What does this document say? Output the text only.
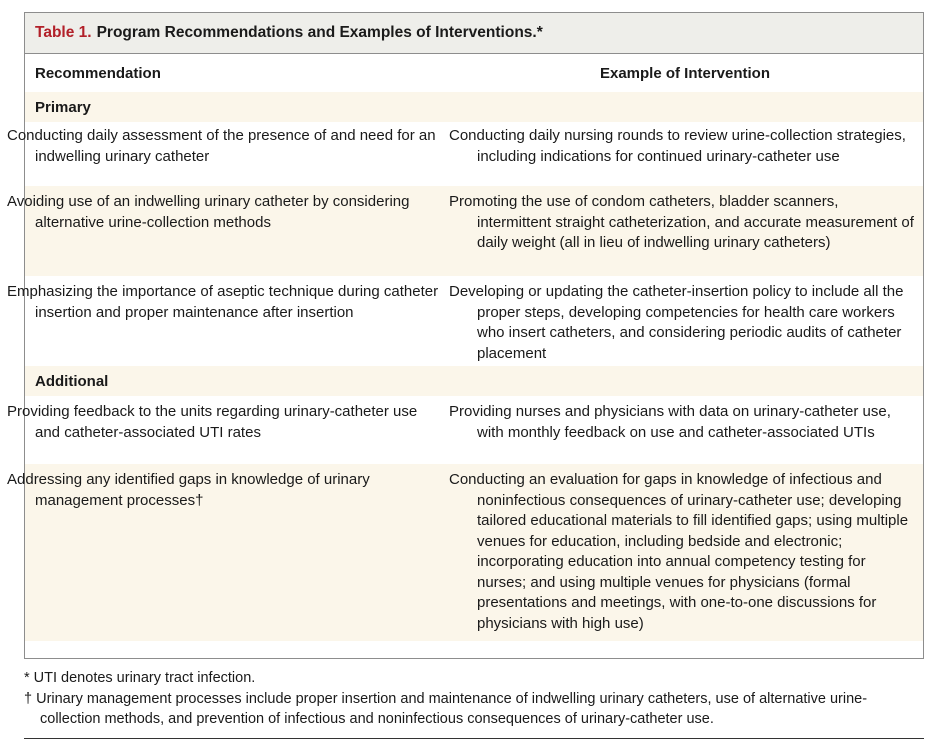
Table 1. Program Recommendations and Examples of Interventions.*
Recommendation	Example of Intervention
Primary
Conducting daily assessment of the presence of and need for an indwelling urinary catheter
Conducting daily nursing rounds to review urine-collection strategies, including indications for continued urinary-catheter use
Avoiding use of an indwelling urinary catheter by considering alternative urine-collection methods
Promoting the use of condom catheters, bladder scanners, intermittent straight catheterization, and accurate measurement of daily weight (all in lieu of indwelling urinary catheters)
Emphasizing the importance of aseptic technique during catheter insertion and proper maintenance after insertion
Developing or updating the catheter-insertion policy to include all the proper steps, developing competencies for health care workers who insert catheters, and considering periodic audits of catheter placement
Additional
Providing feedback to the units regarding urinary-catheter use and catheter-associated UTI rates
Providing nurses and physicians with data on urinary-catheter use, with monthly feedback on use and catheter-associated UTIs
Addressing any identified gaps in knowledge of urinary management processes†
Conducting an evaluation for gaps in knowledge of infectious and noninfectious consequences of urinary-catheter use; developing tailored educational materials to fill identified gaps; using multiple venues for education, including bedside and electronic; incorporating education into annual competency testing for nurses; and using multiple venues for physicians (formal presentations and meetings, with one-to-one discussions for physicians with high use)
* UTI denotes urinary tract infection.
† Urinary management processes include proper insertion and maintenance of indwelling urinary catheters, use of alternative urine-collection methods, and prevention of infectious and noninfectious consequences of urinary-catheter use.
